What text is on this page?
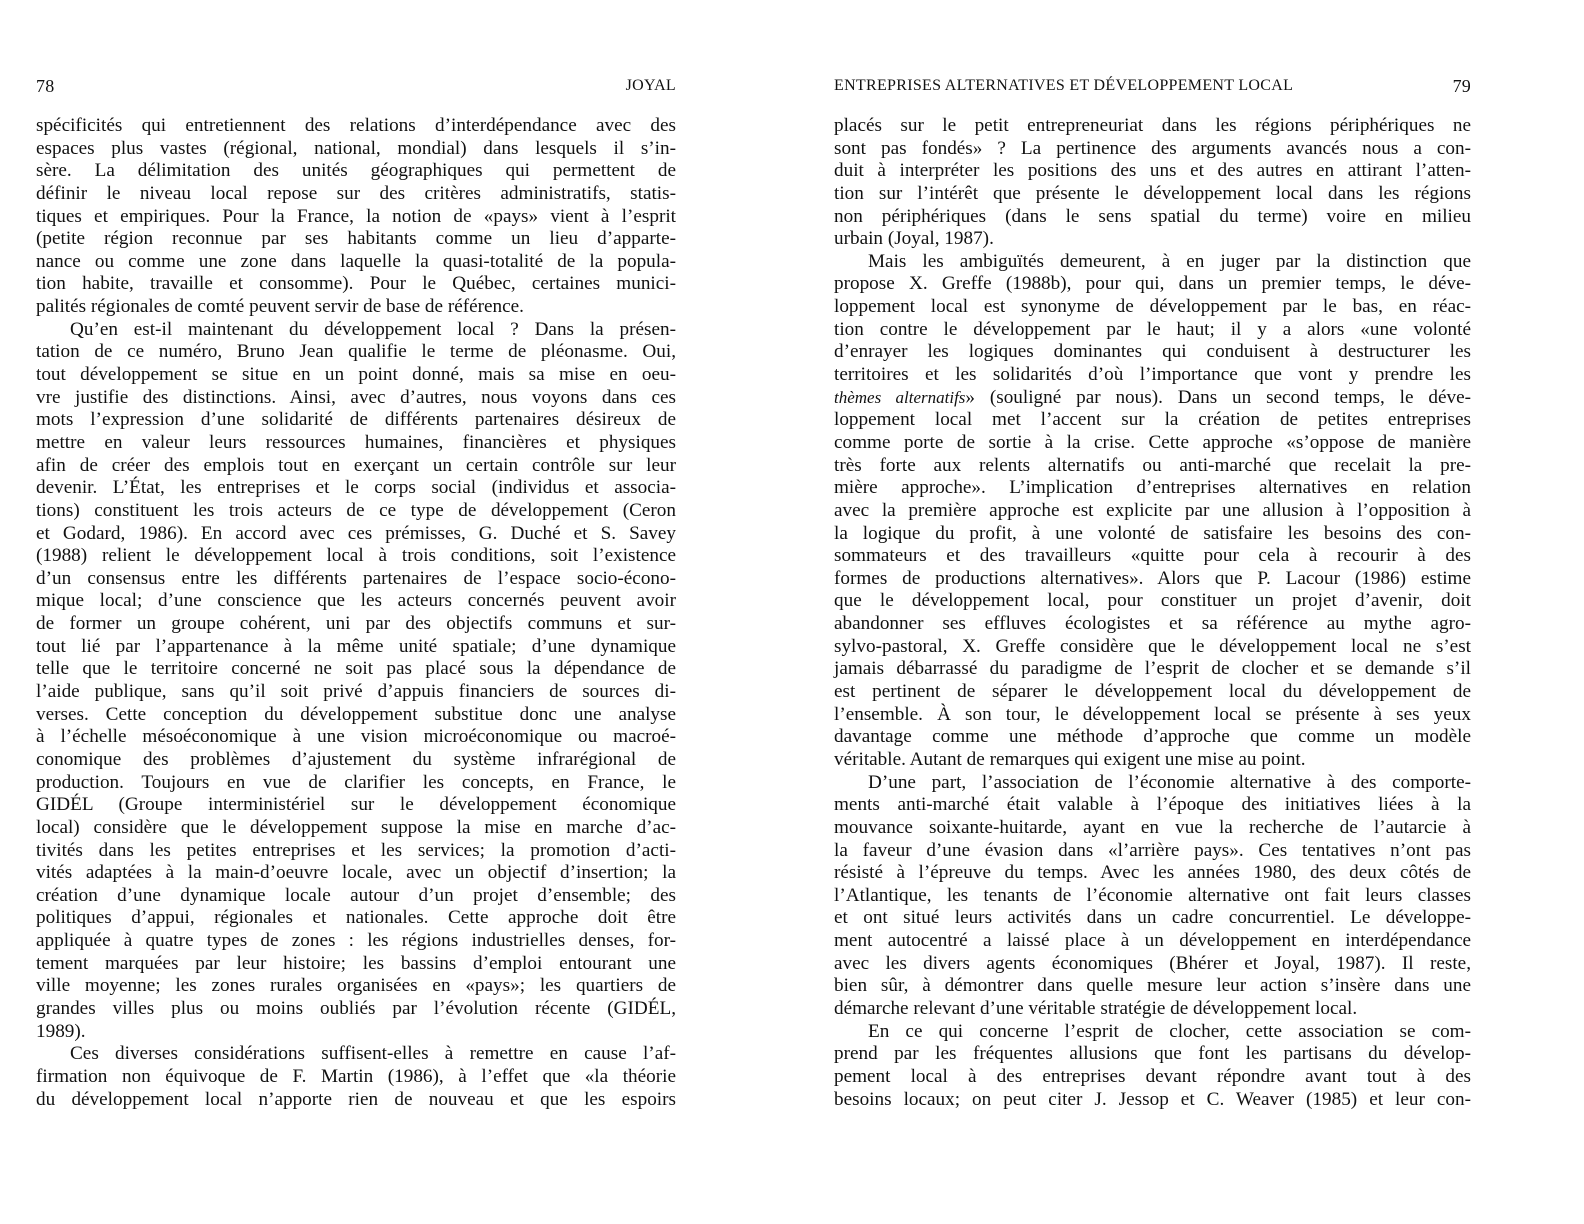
78	JOYAL
spécificités qui entretiennent des relations d’interdépendance avec des
espaces plus vastes (régional, national, mondial) dans lesquels il s’in-
sère. La délimitation des unités géographiques qui permettent de
définir le niveau local repose sur des critères administratifs, statis-
tiques et empiriques. Pour la France, la notion de «pays» vient à l’esprit
(petite région reconnue par ses habitants comme un lieu d’apparte-
nance ou comme une zone dans laquelle la quasi-totalité de la popula-
tion habite, travaille et consomme). Pour le Québec, certaines munici-
palités régionales de comté peuvent servir de base de référence.
Qu’en est-il maintenant du développement local ? Dans la présen-
tation de ce numéro, Bruno Jean qualifie le terme de pléonasme. Oui,
tout développement se situe en un point donné, mais sa mise en oeu-
vre justifie des distinctions. Ainsi, avec d’autres, nous voyons dans ces
mots l’expression d’une solidarité de différents partenaires désireux de
mettre en valeur leurs ressources humaines, financières et physiques
afin de créer des emplois tout en exerçant un certain contrôle sur leur
devenir. L’État, les entreprises et le corps social (individus et associa-
tions) constituent les trois acteurs de ce type de développement (Ceron
et Godard, 1986). En accord avec ces prémisses, G. Duché et S. Savey
(1988) relient le développement local à trois conditions, soit l’existence
d’un consensus entre les différents partenaires de l’espace socio-écono-
mique local; d’une conscience que les acteurs concernés peuvent avoir
de former un groupe cohérent, uni par des objectifs communs et sur-
tout lié par l’appartenance à la même unité spatiale; d’une dynamique
telle que le territoire concerné ne soit pas placé sous la dépendance de
l’aide publique, sans qu’il soit privé d’appuis financiers de sources di-
verses. Cette conception du développement substitue donc une analyse
à l’échelle mésoéconomique à une vision microéconomique ou macroé-
conomique des problèmes d’ajustement du système infrarégional de
production. Toujours en vue de clarifier les concepts, en France, le
GIDÉL (Groupe interministériel sur le développement économique
local) considère que le développement suppose la mise en marche d’ac-
tivités dans les petites entreprises et les services; la promotion d’acti-
vités adaptées à la main-d’oeuvre locale, avec un objectif d’insertion; la
création d’une dynamique locale autour d’un projet d’ensemble; des
politiques d’appui, régionales et nationales. Cette approche doit être
appliquée à quatre types de zones : les régions industrielles denses, for-
tement marquées par leur histoire; les bassins d’emploi entourant une
ville moyenne; les zones rurales organisées en «pays»; les quartiers de
grandes villes plus ou moins oubliés par l’évolution récente (GIDÉL,
1989).
Ces diverses considérations suffisent-elles à remettre en cause l’af-
firmation non équivoque de F. Martin (1986), à l’effet que «la théorie
du développement local n’apporte rien de nouveau et que les espoirs
ENTREPRISES ALTERNATIVES ET DÉVELOPPEMENT LOCAL	79
placés sur le petit entrepreneuriat dans les régions périphériques ne
sont pas fondés» ? La pertinence des arguments avancés nous a con-
duit à interpréter les positions des uns et des autres en attirant l’atten-
tion sur l’intérêt que présente le développement local dans les régions
non périphériques (dans le sens spatial du terme) voire en milieu
urbain (Joyal, 1987).
Mais les ambiguïtés demeurent, à en juger par la distinction que
propose X. Greffe (1988b), pour qui, dans un premier temps, le déve-
loppement local est synonyme de développement par le bas, en réac-
tion contre le développement par le haut; il y a alors «une volonté
d’enrayer les logiques dominantes qui conduisent à destructurer les
territoires et les solidarités d’où l’importance que vont y prendre les
thèmes alternatifs» (souligné par nous). Dans un second temps, le déve-
loppement local met l’accent sur la création de petites entreprises
comme porte de sortie à la crise. Cette approche «s’oppose de manière
très forte aux relents alternatifs ou anti-marché que recelait la pre-
mière approche». L’implication d’entreprises alternatives en relation
avec la première approche est explicite par une allusion à l’opposition à
la logique du profit, à une volonté de satisfaire les besoins des con-
sommateurs et des travailleurs «quitte pour cela à recourir à des
formes de productions alternatives». Alors que P. Lacour (1986) estime
que le développement local, pour constituer un projet d’avenir, doit
abandonner ses effluves écologistes et sa référence au mythe agro-
sylvo-pastoral, X. Greffe considère que le développement local ne s’est
jamais débarrassé du paradigme de l’esprit de clocher et se demande s’il
est pertinent de séparer le développement local du développement de
l’ensemble. À son tour, le développement local se présente à ses yeux
davantage comme une méthode d’approche que comme un modèle
véritable. Autant de remarques qui exigent une mise au point.
D’une part, l’association de l’économie alternative à des comporte-
ments anti-marché était valable à l’époque des initiatives liées à la
mouvance soixante-huitarde, ayant en vue la recherche de l’autarcie à
la faveur d’une évasion dans «l’arrière pays». Ces tentatives n’ont pas
résisté à l’épreuve du temps. Avec les années 1980, des deux côtés de
l’Atlantique, les tenants de l’économie alternative ont fait leurs classes
et ont situé leurs activités dans un cadre concurrentiel. Le développe-
ment autocentré a laissé place à un développement en interdépendance
avec les divers agents économiques (Bhérer et Joyal, 1987). Il reste,
bien sûr, à démontrer dans quelle mesure leur action s’insère dans une
démarche relevant d’une véritable stratégie de développement local.
En ce qui concerne l’esprit de clocher, cette association se com-
prend par les fréquentes allusions que font les partisans du dévelop-
pement local à des entreprises devant répondre avant tout à des
besoins locaux; on peut citer J. Jessop et C. Weaver (1985) et leur con-
